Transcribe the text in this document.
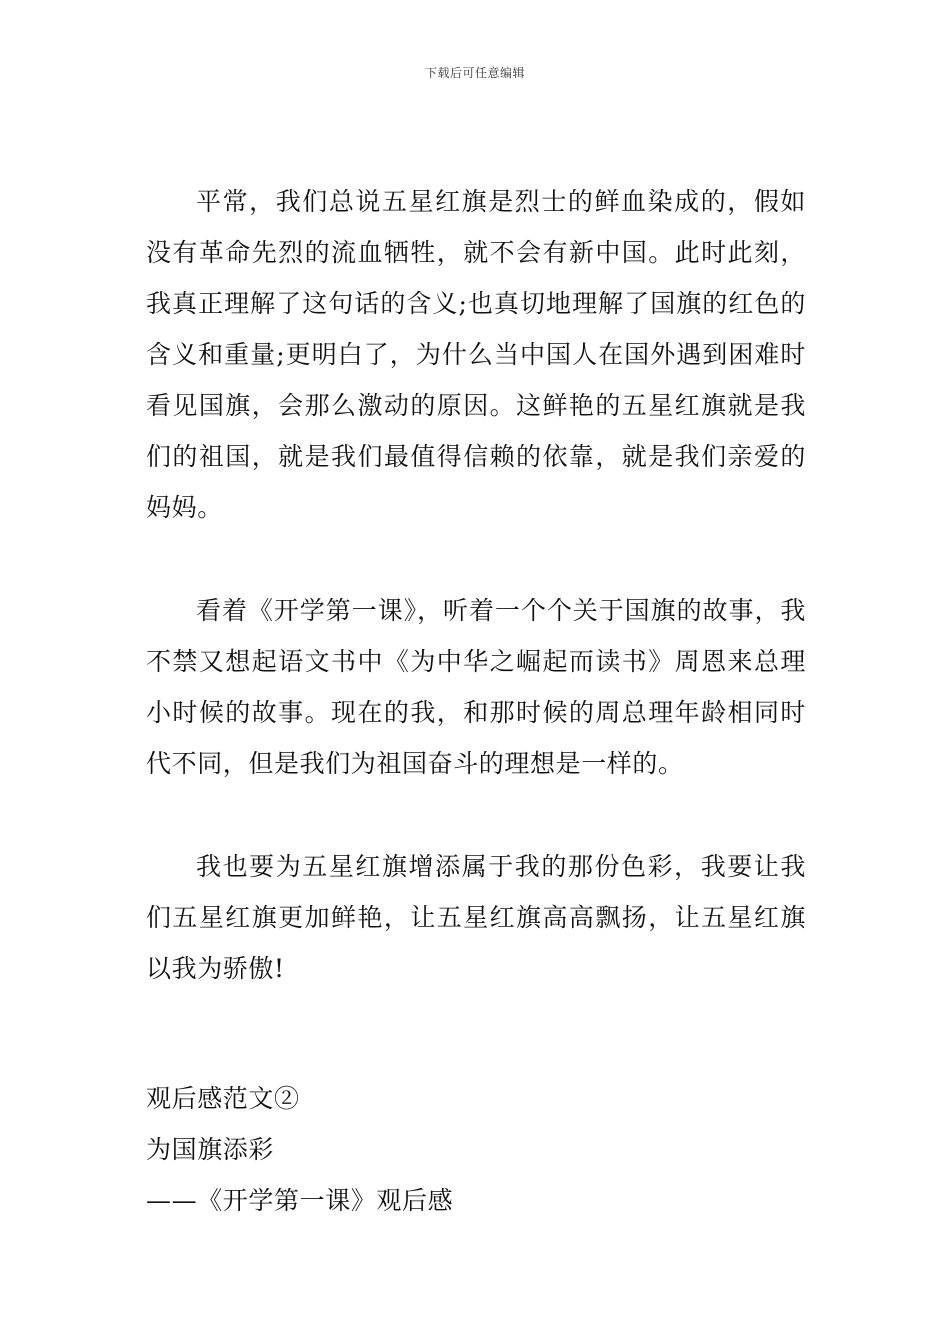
下载后可任意编辑

平常，我们总说五星红旗是烈士的鲜血染成的，假如没有革命先烈的流血牺牲，就不会有新中国。此时此刻，我真正理解了这句话的含义;也真切地理解了国旗的红色的含义和重量;更明白了，为什么当中国人在国外遇到困难时看见国旗，会那么激动的原因。这鲜艳的五星红旗就是我们的祖国，就是我们最值得信赖的依靠，就是我们亲爱的妈妈。

看着《开学第一课》，听着一个个关于国旗的故事，我不禁又想起语文书中《为中华之崛起而读书》周恩来总理小时候的故事。现在的我，和那时候的周总理年龄相同时代不同，但是我们为祖国奋斗的理想是一样的。

我也要为五星红旗增添属于我的那份色彩，我要让我们五星红旗更加鲜艳，让五星红旗高高飘扬，让五星红旗以我为骄傲!

观后感范文②

为国旗添彩

——《开学第一课》观后感
